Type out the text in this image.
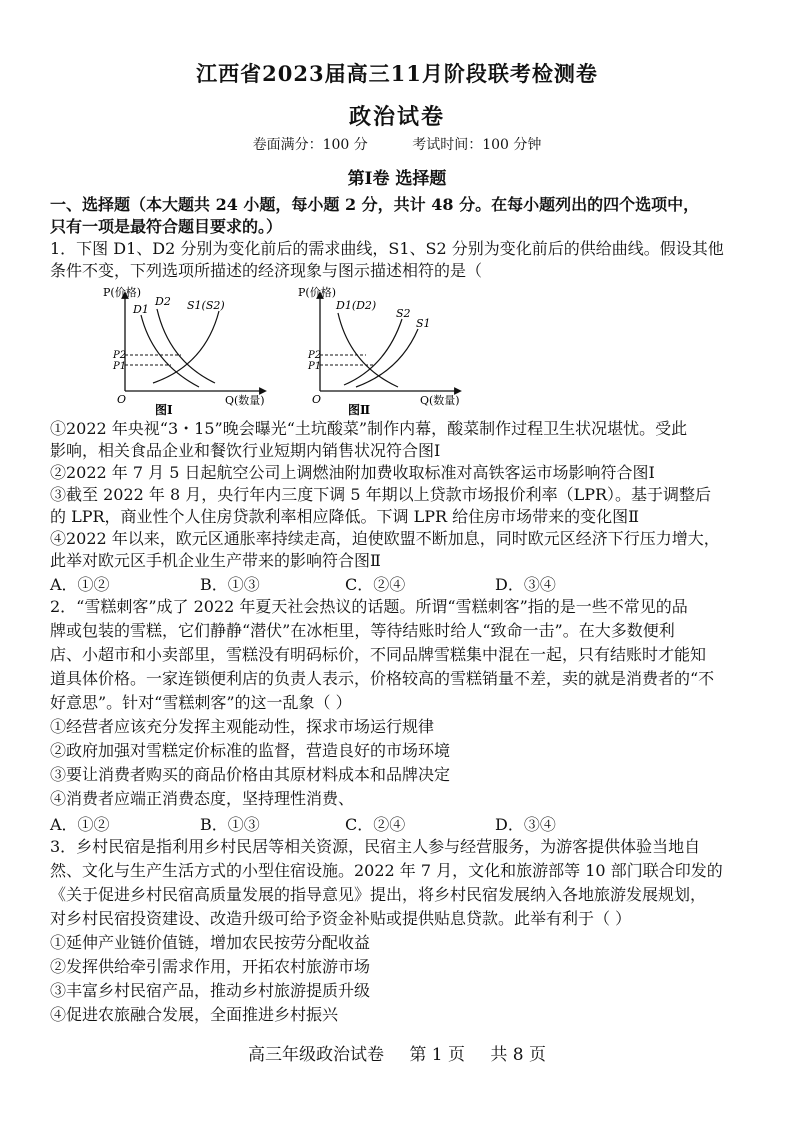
江西省2023届高三11月阶段联考检测卷
政治试卷
卷面满分：100 分	考试时间：100 分钟
第Ⅰ卷 选择题
一、选择题（本大题共 24 小题，每小题 2 分，共计 48 分。在每小题列出的四个选项中，
只有一项是最符合题目要求的。）
1．下图 D1、D2 分别为变化前后的需求曲线，S1、S2 分别为变化前后的供给曲线。假设其他
条件不变，下列选项所描述的经济现象与图示描述相符的是（
P(价格)
O	Q(数量)
图Ⅰ
P2
P1
D1
D2 S1(S2)
P(价格)
O	Q(数量)
图Ⅱ
P2
P1
D1(D2)
S2
S1
①2022 年央视“3・15”晚会曝光“土坑酸菜”制作内幕，酸菜制作过程卫生状况堪忧。受此
影响，相关食品企业和餐饮行业短期内销售状况符合图Ⅰ
②2022 年 7 月 5 日起航空公司上调燃油附加费收取标准对高铁客运市场影响符合图Ⅰ
③截至 2022 年 8 月，央行年内三度下调 5 年期以上贷款市场报价利率（LPR）。基于调整后
的 LPR，商业性个人住房贷款利率相应降低。下调 LPR 给住房市场带来的变化图Ⅱ
④2022 年以来，欧元区通胀率持续走高，迫使欧盟不断加息，同时欧元区经济下行压力增大，
此举对欧元区手机企业生产带来的影响符合图Ⅱ
A．①②	B．①③	C．②④	D．③④
2．“雪糕刺客”成了 2022 年夏天社会热议的话题。所谓“雪糕刺客”指的是一些不常见的品
牌或包装的雪糕，它们静静“潜伏”在冰柜里，等待结账时给人“致命一击”。在大多数便利
店、小超市和小卖部里，雪糕没有明码标价，不同品牌雪糕集中混在一起，只有结账时才能知
道具体价格。一家连锁便利店的负责人表示，价格较高的雪糕销量不差，卖的就是消费者的“不
好意思”。针对“雪糕刺客”的这一乱象（ ）
①经营者应该充分发挥主观能动性，探求市场运行规律
②政府加强对雪糕定价标准的监督，营造良好的市场环境
③要让消费者购买的商品价格由其原材料成本和品牌决定
④消费者应端正消费态度，坚持理性消费、
A．①②	B．①③	C．②④	D．③④
3．乡村民宿是指利用乡村民居等相关资源，民宿主人参与经营服务，为游客提供体验当地自
然、文化与生产生活方式的小型住宿设施。2022 年 7 月，文化和旅游部等 10 部门联合印发的
《关于促进乡村民宿高质量发展的指导意见》提出，将乡村民宿发展纳入各地旅游发展规划，
对乡村民宿投资建设、改造升级可给予资金补贴或提供贴息贷款。此举有利于（ ）
①延伸产业链价值链，增加农民按劳分配收益
②发挥供给牵引需求作用，开拓农村旅游市场
③丰富乡村民宿产品，推动乡村旅游提质升级
④促进农旅融合发展，全面推进乡村振兴
高三年级政治试卷 第 1 页 共 8 页
